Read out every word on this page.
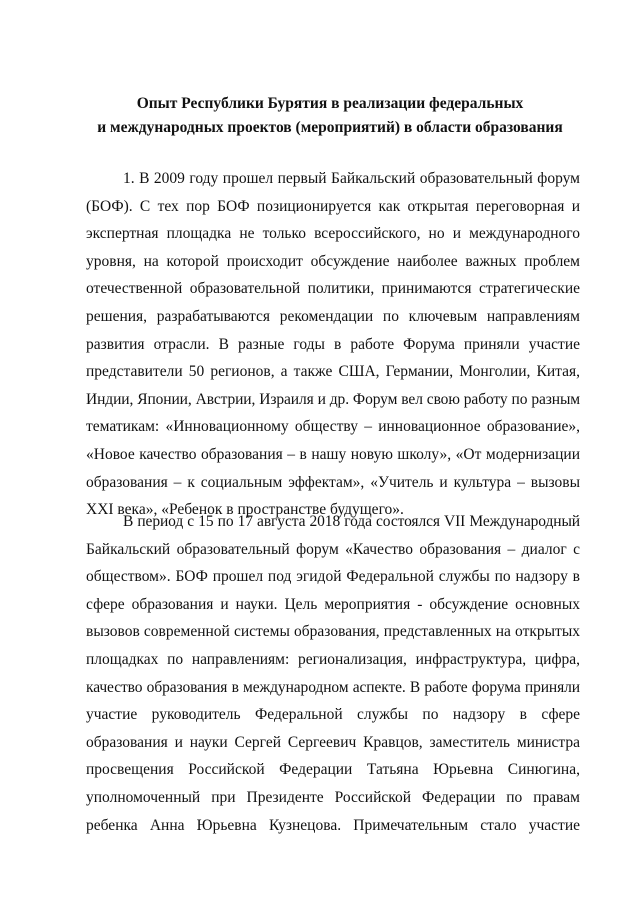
Опыт Республики Бурятия в реализации федеральных
и международных проектов (мероприятий) в области образования
1. В 2009 году прошел первый Байкальский образовательный форум
(БОФ). С тех пор БОФ позиционируется как открытая переговорная и
экспертная площадка не только всероссийского, но и международного
уровня, на которой происходит обсуждение наиболее важных проблем
отечественной образовательной политики, принимаются стратегические
решения, разрабатываются рекомендации по ключевым направлениям
развития отрасли. В разные годы в работе Форума приняли участие
представители 50 регионов, а также США, Германии, Монголии, Китая,
Индии, Японии, Австрии, Израиля и др. Форум вел свою работу по разным
тематикам: «Инновационному обществу – инновационное образование»,
«Новое качество образования – в нашу новую школу», «От модернизации
образования – к социальным эффектам», «Учитель и культура – вызовы
XXI века», «Ребенок в пространстве будущего».
В период с 15 по 17 августа 2018 года состоялся VII Международный
Байкальский образовательный форум «Качество образования – диалог с
обществом». БОФ прошел под эгидой Федеральной службы по надзору в
сфере образования и науки. Цель мероприятия - обсуждение основных
вызовов современной системы образования, представленных на открытых
площадках по направлениям: регионализация, инфраструктура, цифра,
качество образования в международном аспекте. В работе форума приняли
участие руководитель Федеральной службы по надзору в сфере
образования и науки Сергей Сергеевич Кравцов, заместитель министра
просвещения Российской Федерации Татьяна Юрьевна Синюгина,
уполномоченный при Президенте Российской Федерации по правам
ребенка Анна Юрьевна Кузнецова. Примечательным стало участие
